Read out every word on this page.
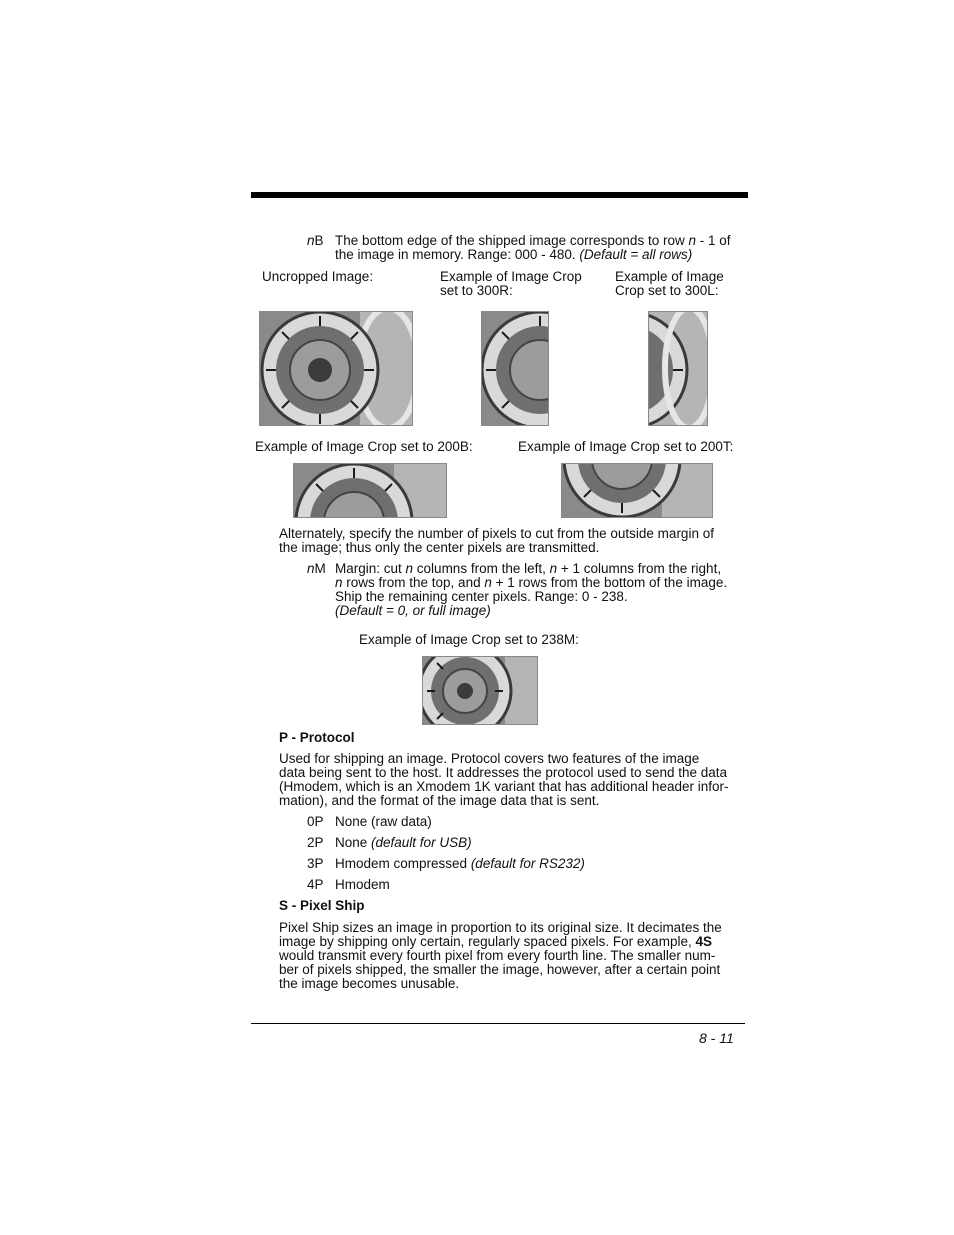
nB The bottom edge of the shipped image corresponds to row n - 1 of
the image in memory. Range: 000 - 480. (Default = all rows)
Uncropped Image:	Example of Image Crop
set to 300R:
Example of Image
Crop set to 300L:
Example of Image Crop set to 200B:	Example of Image Crop set to 200T:
Alternately, specify the number of pixels to cut from the outside margin of
the image; thus only the center pixels are transmitted.
nM Margin: cut n columns from the left, n + 1 columns from the right,
n rows from the top, and n + 1 rows from the bottom of the image.
Ship the remaining center pixels. Range: 0 - 238.
(Default = 0, or full image)
Example of Image Crop set to 238M:
P - Protocol
Used for shipping an image. Protocol covers two features of the image
data being sent to the host. It addresses the protocol used to send the data
(Hmodem, which is an Xmodem 1K variant that has additional header infor-
mation), and the format of the image data that is sent.
0P None (raw data)
2P None (default for USB)
3P Hmodem compressed (default for RS232)
4P Hmodem
S - Pixel Ship
Pixel Ship sizes an image in proportion to its original size. It decimates the
image by shipping only certain, regularly spaced pixels. For example, 4S
would transmit every fourth pixel from every fourth line. The smaller num-
ber of pixels shipped, the smaller the image, however, after a certain point
the image becomes unusable.
8 - 11
